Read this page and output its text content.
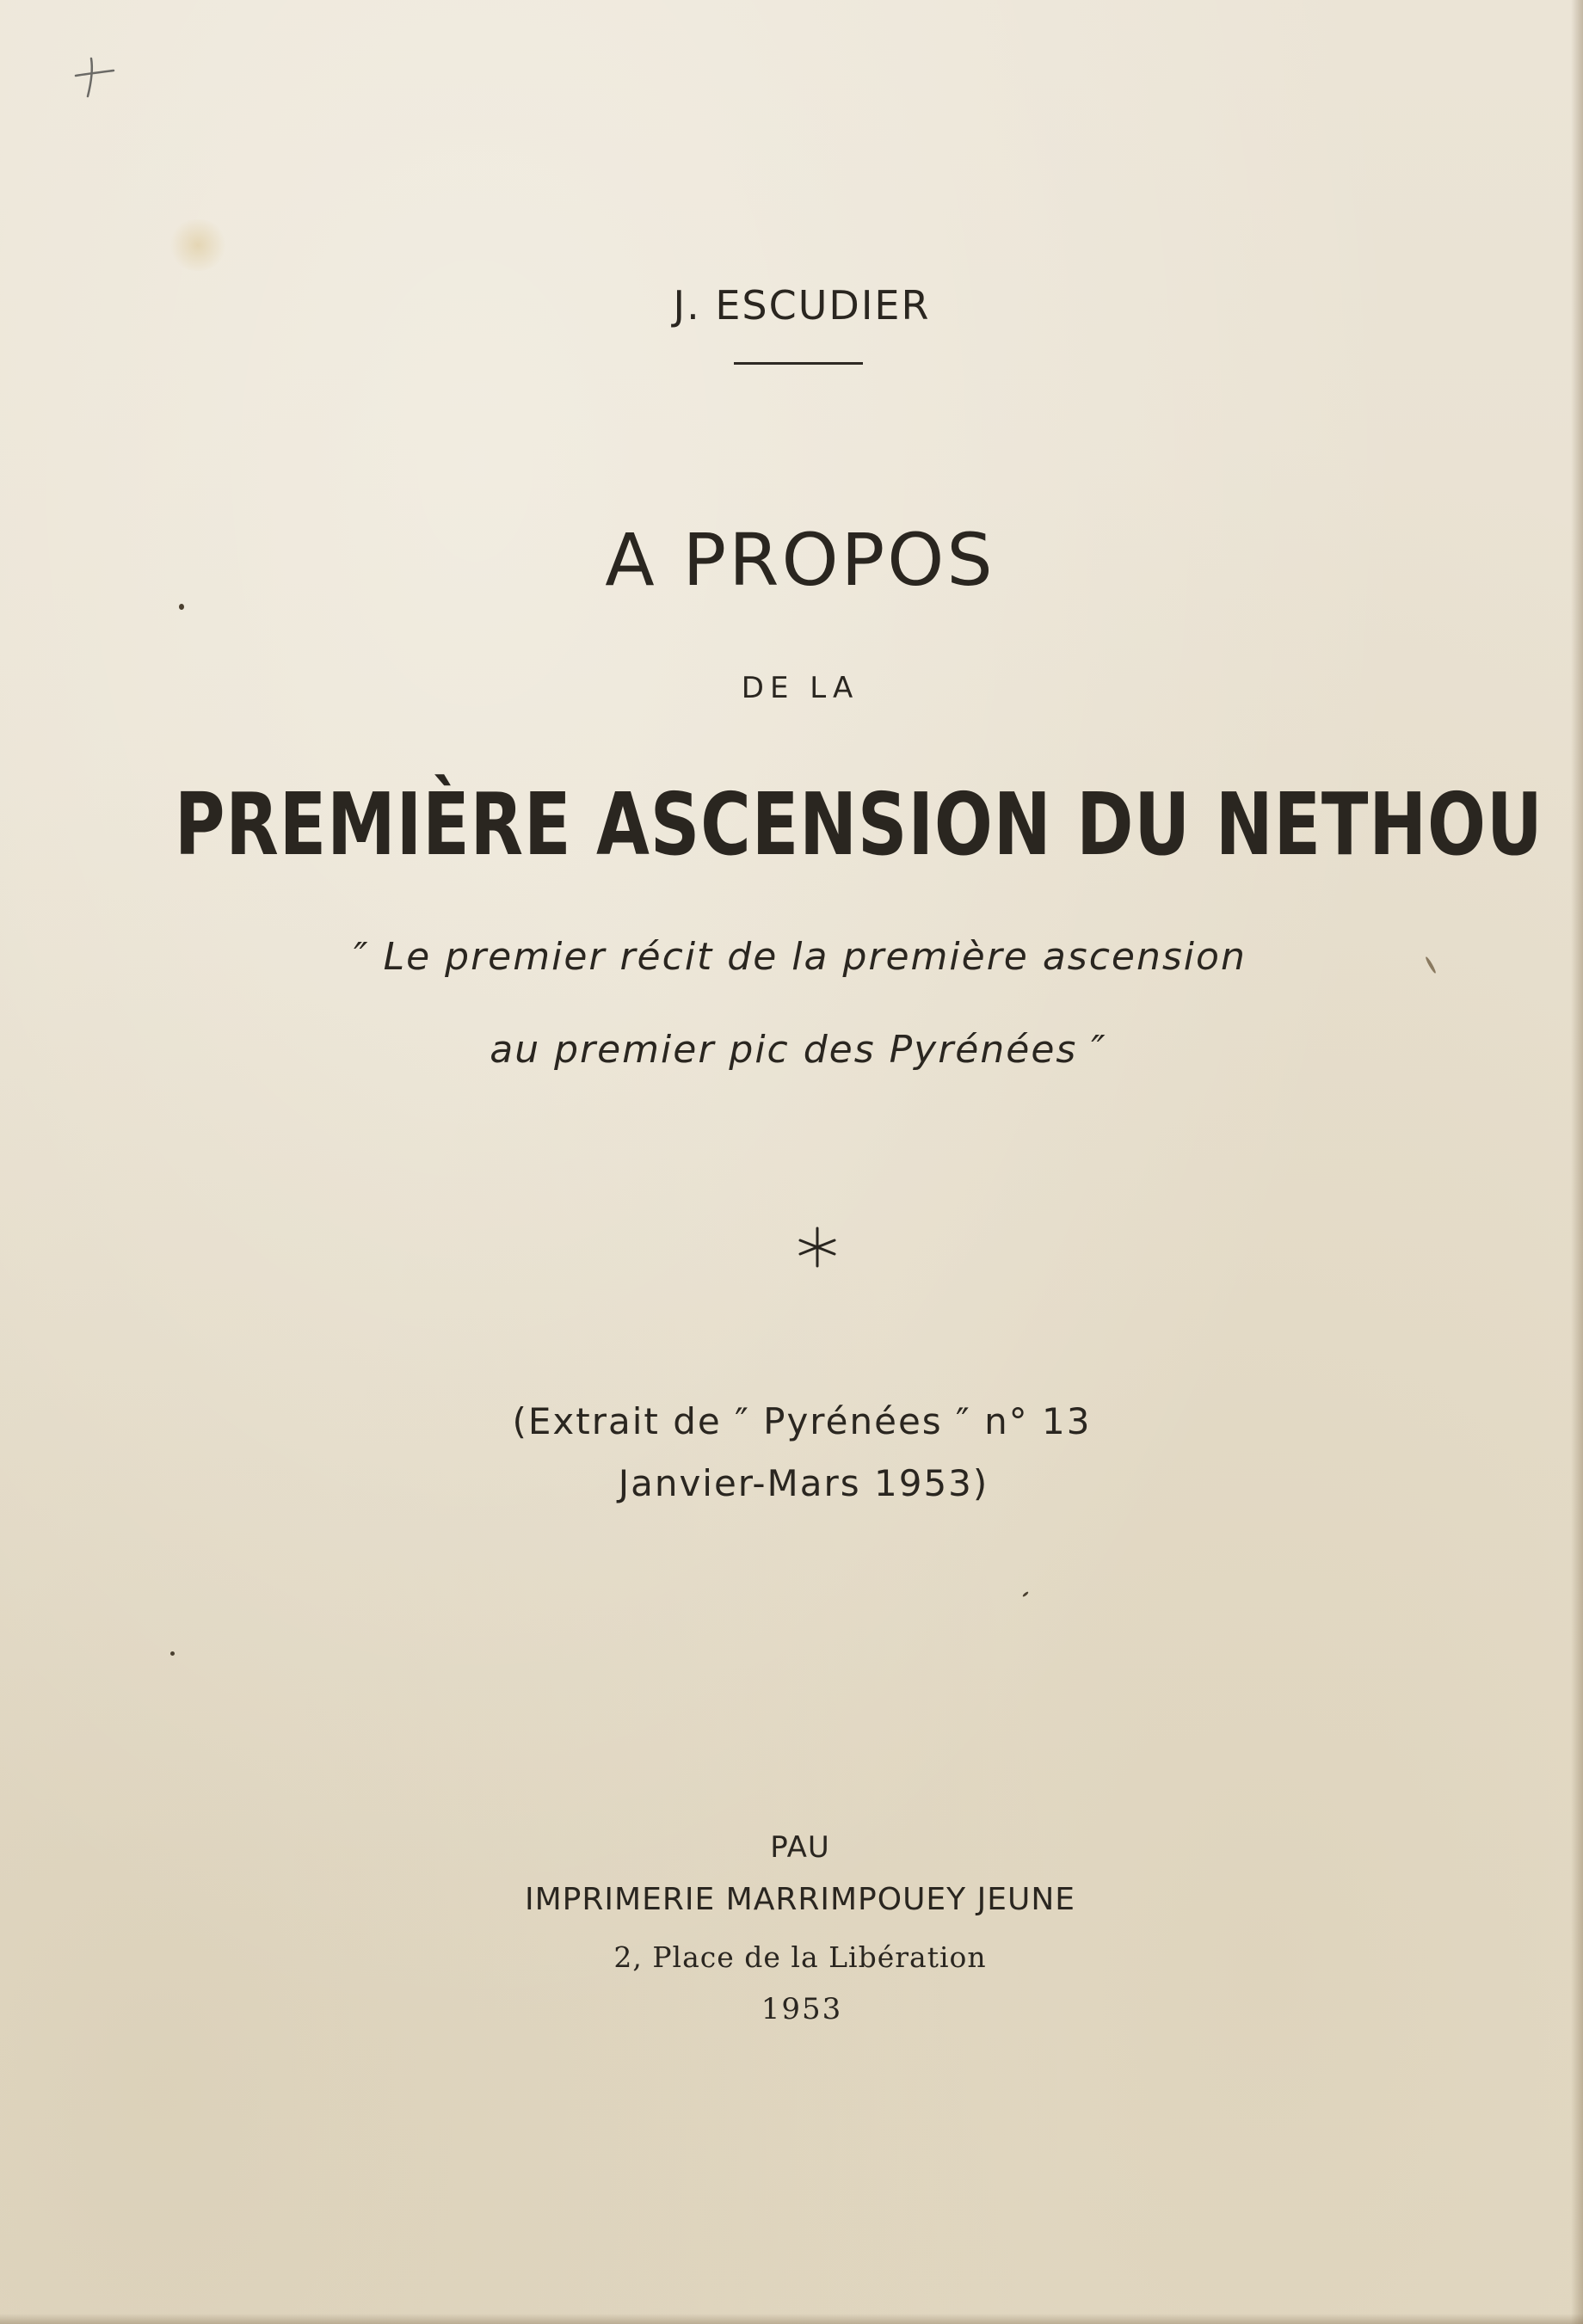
J. ESCUDIER
A PROPOS
DE LA
PREMIÈRE ASCENSION DU NETHOU
″ Le premier récit de la première ascension
au premier pic des Pyrénées ″
(Extrait de ″ Pyrénées ″ n° 13
Janvier-Mars 1953)
PAU
IMPRIMERIE MARRIMPOUEY JEUNE
2, Place de la Libération
1953
